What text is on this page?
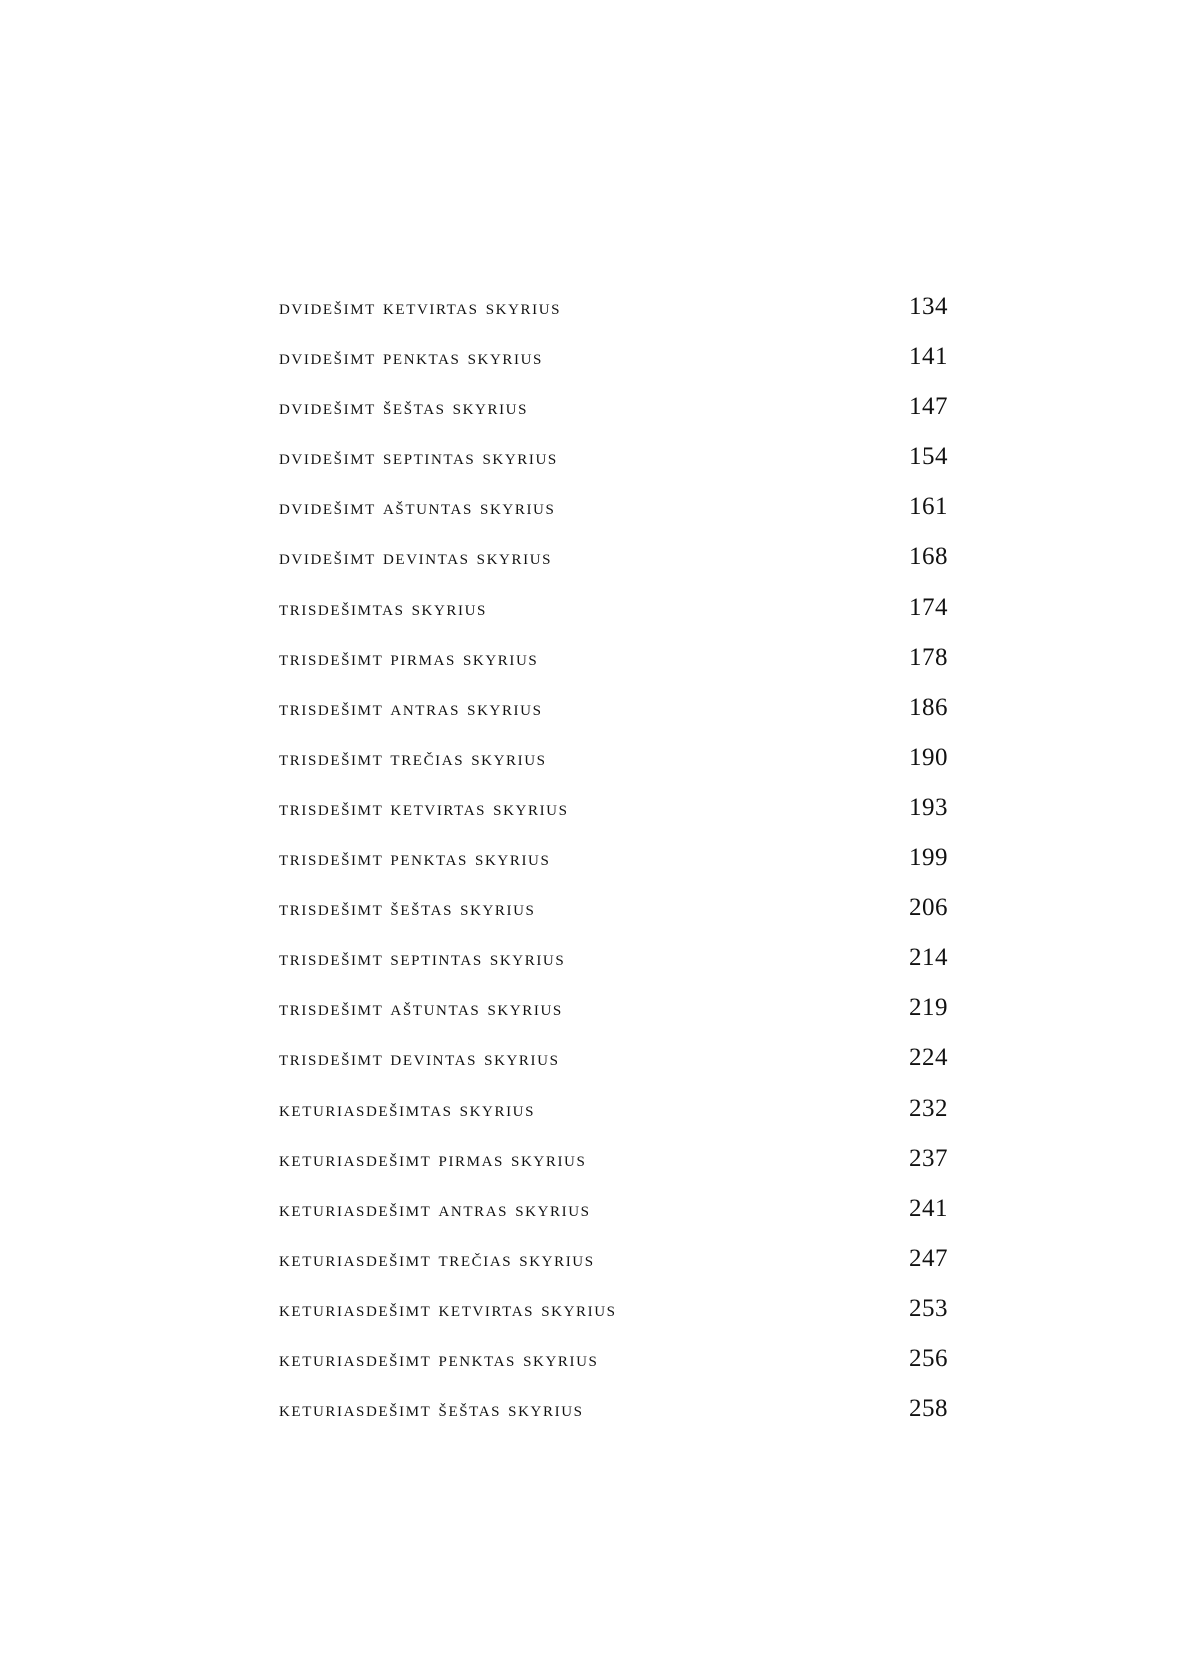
dvidešimt ketvirtas skyrius	134
dvidešimt penktas skyrius	141
dvidešimt šeštas skyrius	147
dvidešimt septintas skyrius	154
dvidešimt aštuntas skyrius	161
dvidešimt devintas skyrius	168
trisdešimtas skyrius	174
trisdešimt pirmas skyrius	178
trisdešimt antras skyrius	186
trisdešimt trečias skyrius	190
trisdešimt ketvirtas skyrius	193
trisdešimt penktas skyrius	199
trisdešimt šeštas skyrius	206
trisdešimt septintas skyrius	214
trisdešimt aštuntas skyrius	219
trisdešimt devintas skyrius	224
keturiasdešimtas skyrius	232
keturiasdešimt pirmas skyrius	237
keturiasdešimt antras skyrius	241
keturiasdešimt trečias skyrius	247
keturiasdešimt ketvirtas skyrius	253
keturiasdešimt penktas skyrius	256
keturiasdešimt šeštas skyrius	258
